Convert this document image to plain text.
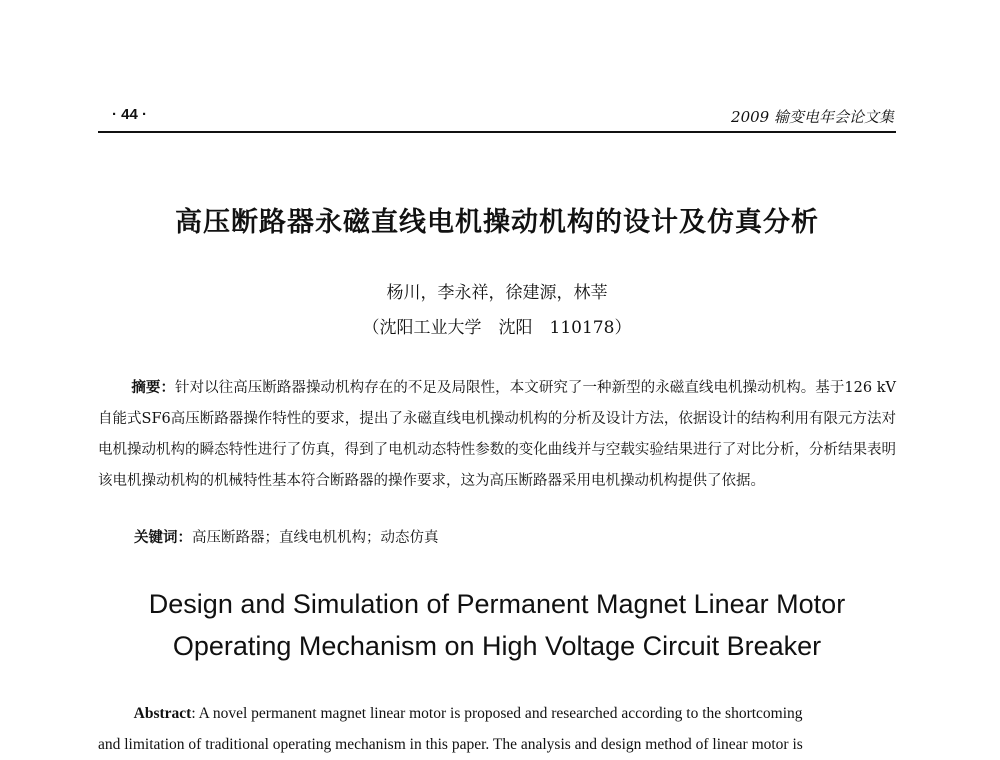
· 44 ·	2009 输变电年会论文集
高压断路器永磁直线电机操动机构的设计及仿真分析
杨川，李永祥，徐建源，林莘
（沈阳工业大学　沈阳　110178）
摘要：针对以往高压断路器操动机构存在的不足及局限性，本文研究了一种新型的永磁直线电机操动机构。基于126 kV自能式SF6高压断路器操作特性的要求，提出了永磁直线电机操动机构的分析及设计方法，依据设计的结构利用有限元方法对电机操动机构的瞬态特性进行了仿真，得到了电机动态特性参数的变化曲线并与空载实验结果进行了对比分析，分析结果表明该电机操动机构的机械特性基本符合断路器的操作要求，这为高压断路器采用电机操动机构提供了依据。
关键词：高压断路器；直线电机机构；动态仿真
Design and Simulation of Permanent Magnet Linear Motor
Operating Mechanism on High Voltage Circuit Breaker
Abstract: A novel permanent magnet linear motor is proposed and researched according to the shortcoming
and limitation of traditional operating mechanism in this paper. The analysis and design method of linear motor is
